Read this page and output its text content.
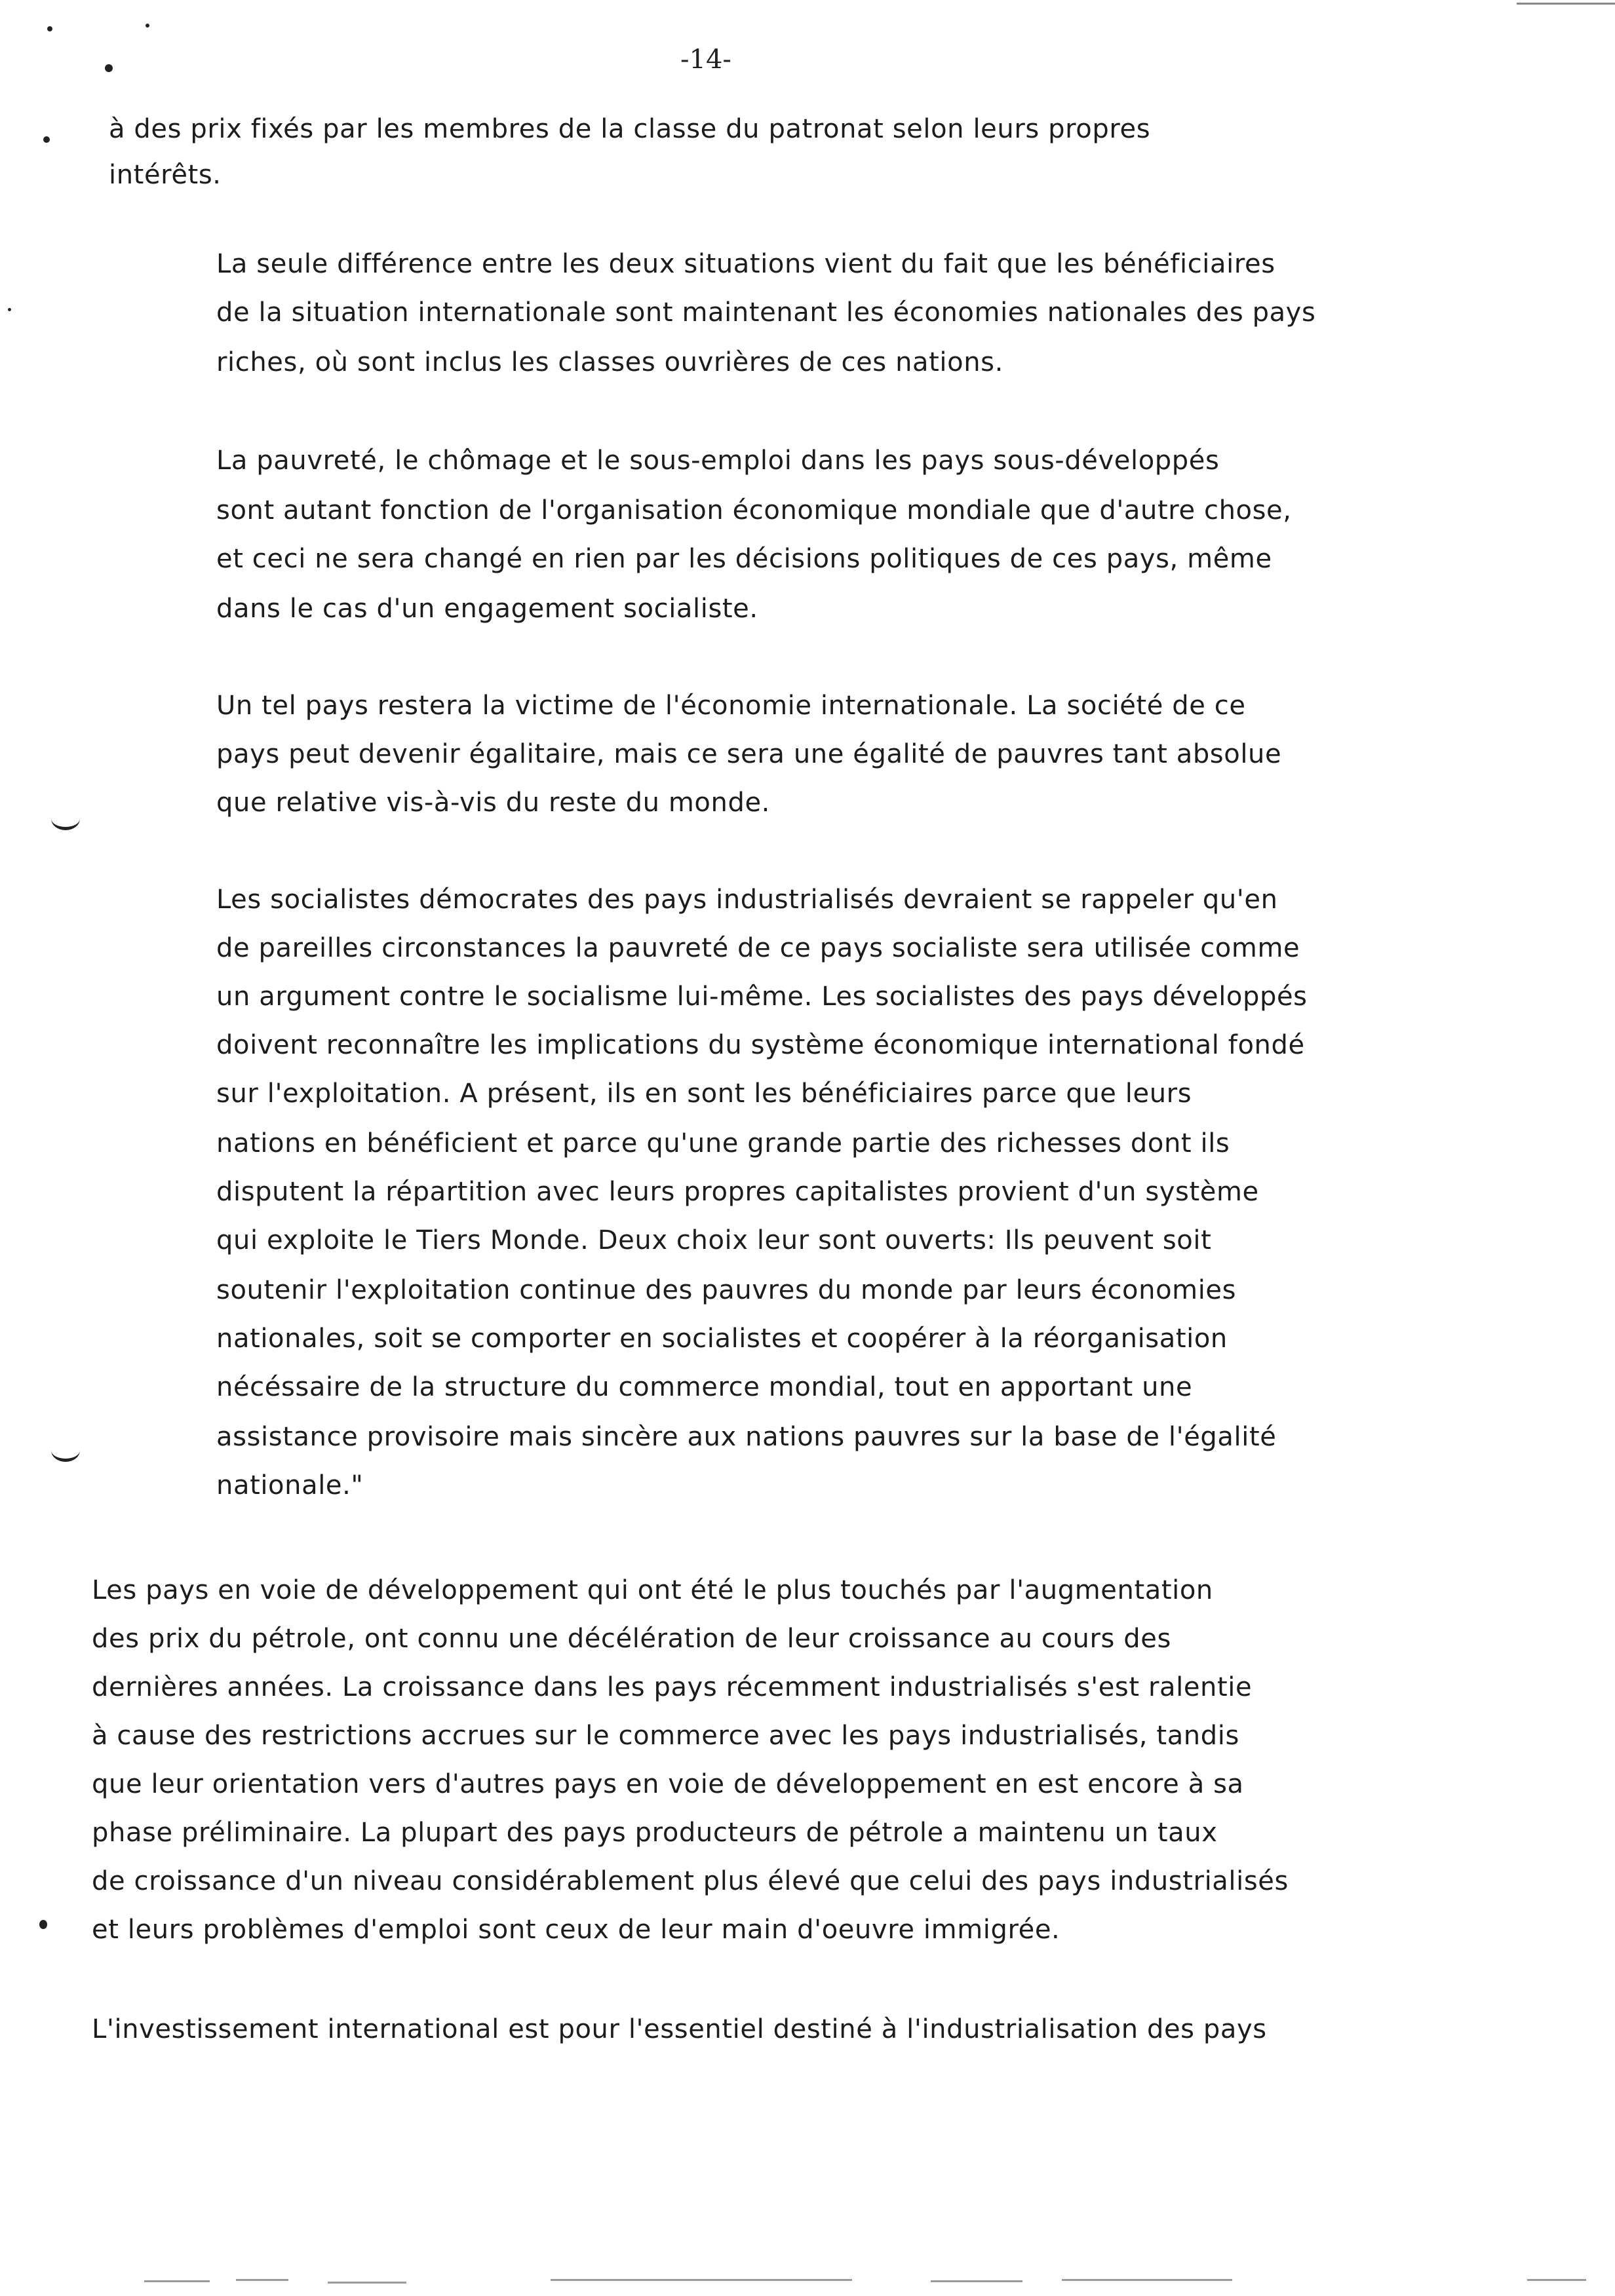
-14-
à des prix fixés par les membres de la classe du patronat selon leurs propres
intérêts.
La seule différence entre les deux situations vient du fait que les bénéficiaires
de la situation internationale sont maintenant les économies nationales des pays
riches, où sont inclus les classes ouvrières de ces nations.
La pauvreté, le chômage et le sous-emploi dans les pays sous-développés
sont autant fonction de l'organisation économique mondiale que d'autre chose,
et ceci ne sera changé en rien par les décisions politiques de ces pays, même
dans le cas d'un engagement socialiste.
Un tel pays restera la victime de l'économie internationale. La société de ce
pays peut devenir égalitaire, mais ce sera une égalité de pauvres tant absolue
que relative vis-à-vis du reste du monde.
Les socialistes démocrates des pays industrialisés devraient se rappeler qu'en
de pareilles circonstances la pauvreté de ce pays socialiste sera utilisée comme
un argument contre le socialisme lui-même. Les socialistes des pays développés
doivent reconnaître les implications du système économique international fondé
sur l'exploitation. A présent, ils en sont les bénéficiaires parce que leurs
nations en bénéficient et parce qu'une grande partie des richesses dont ils
disputent la répartition avec leurs propres capitalistes provient d'un système
qui exploite le Tiers Monde. Deux choix leur sont ouverts: Ils peuvent soit
soutenir l'exploitation continue des pauvres du monde par leurs économies
nationales, soit se comporter en socialistes et coopérer à la réorganisation
nécéssaire de la structure du commerce mondial, tout en apportant une
assistance provisoire mais sincère aux nations pauvres sur la base de l'égalité
nationale."
Les pays en voie de développement qui ont été le plus touchés par l'augmentation
des prix du pétrole, ont connu une décélération de leur croissance au cours des
dernières années. La croissance dans les pays récemment industrialisés s'est ralentie
à cause des restrictions accrues sur le commerce avec les pays industrialisés, tandis
que leur orientation vers d'autres pays en voie de développement en est encore à sa
phase préliminaire. La plupart des pays producteurs de pétrole a maintenu un taux
de croissance d'un niveau considérablement plus élevé que celui des pays industrialisés
et leurs problèmes d'emploi sont ceux de leur main d'oeuvre immigrée.
L'investissement international est pour l'essentiel destiné à l'industrialisation des pays
